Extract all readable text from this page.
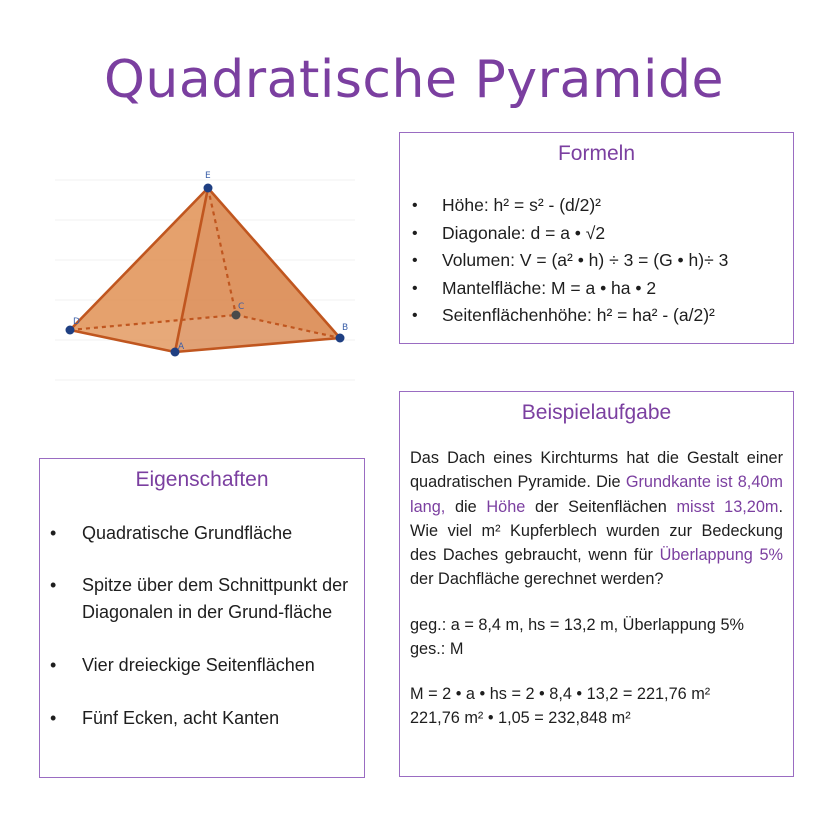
Quadratische Pyramide
E
D
A
C
B
Formeln
• Höhe: h² = s² - (d/2)²
• Diagonale: d = a • √2
• Volumen: V = (a² • h) ÷ 3 = (G • h)÷ 3
• Mantelfläche: M = a • ha • 2
• Seitenflächenhöhe: h² = ha² - (a/2)²
Eigenschaften
• Quadratische Grundfläche
• Spitze über dem Schnittpunkt der Diagonalen in der Grund-fläche
• Vier dreieckige Seitenflächen
• Fünf Ecken, acht Kanten
Beispielaufgabe
Das Dach eines Kirchturms hat die Gestalt einer quadratischen Pyramide. Die Grundkante ist 8,40m lang, die Höhe der Seitenflächen misst 13,20m. Wie viel m² Kupferblech wurden zur Bedeckung des Daches gebraucht, wenn für Überlappung 5% der Dachfläche gerechnet werden?
geg.: a = 8,4 m, hs = 13,2 m, Überlappung 5%
ges.: M
M = 2 • a • hs = 2 • 8,4 • 13,2 = 221,76 m²
221,76 m² • 1,05 = 232,848 m²
